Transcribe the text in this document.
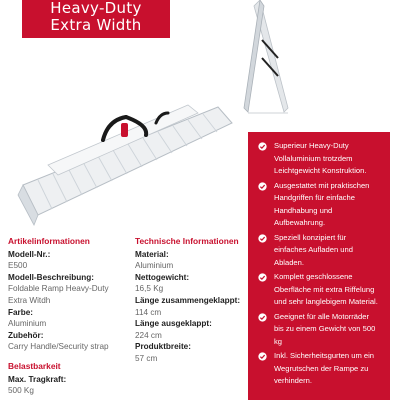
Heavy-Duty
Extra Width
Artikelinformationen
Modell-Nr.:
E500
Modell-Beschreibung:
Foldable Ramp Heavy-Duty
Extra Witdh
Farbe:
Aluminium
Zubehör:
Carry Handle/Security strap
Belastbarkeit
Max. Tragkraft:
500 Kg
Technische Informationen
Material:
Aluminium
Nettogewicht:
16,5 Kg
Länge zusammengeklappt:
114 cm
Länge ausgeklappt:
224 cm
Produktbreite:
57 cm
Superieur Heavy-Duty
Vollaluminium trotzdem
Leichtgewicht Konstruktion.
Ausgestattet mit praktischen
Handgriffen für einfache
Handhabung und
Aufbewahrung.
Speziell konzipiert für
einfaches Aufladen und Abladen.
Komplett geschlossene
Oberfläche mit extra Riffelung
und sehr langlebigem Material.
Geeignet für alle Motorräder
bis zu einem Gewicht von 500 kg
Inkl. Sicherheitsgurten um ein
Wegrutschen der Rampe zu
verhindern.
